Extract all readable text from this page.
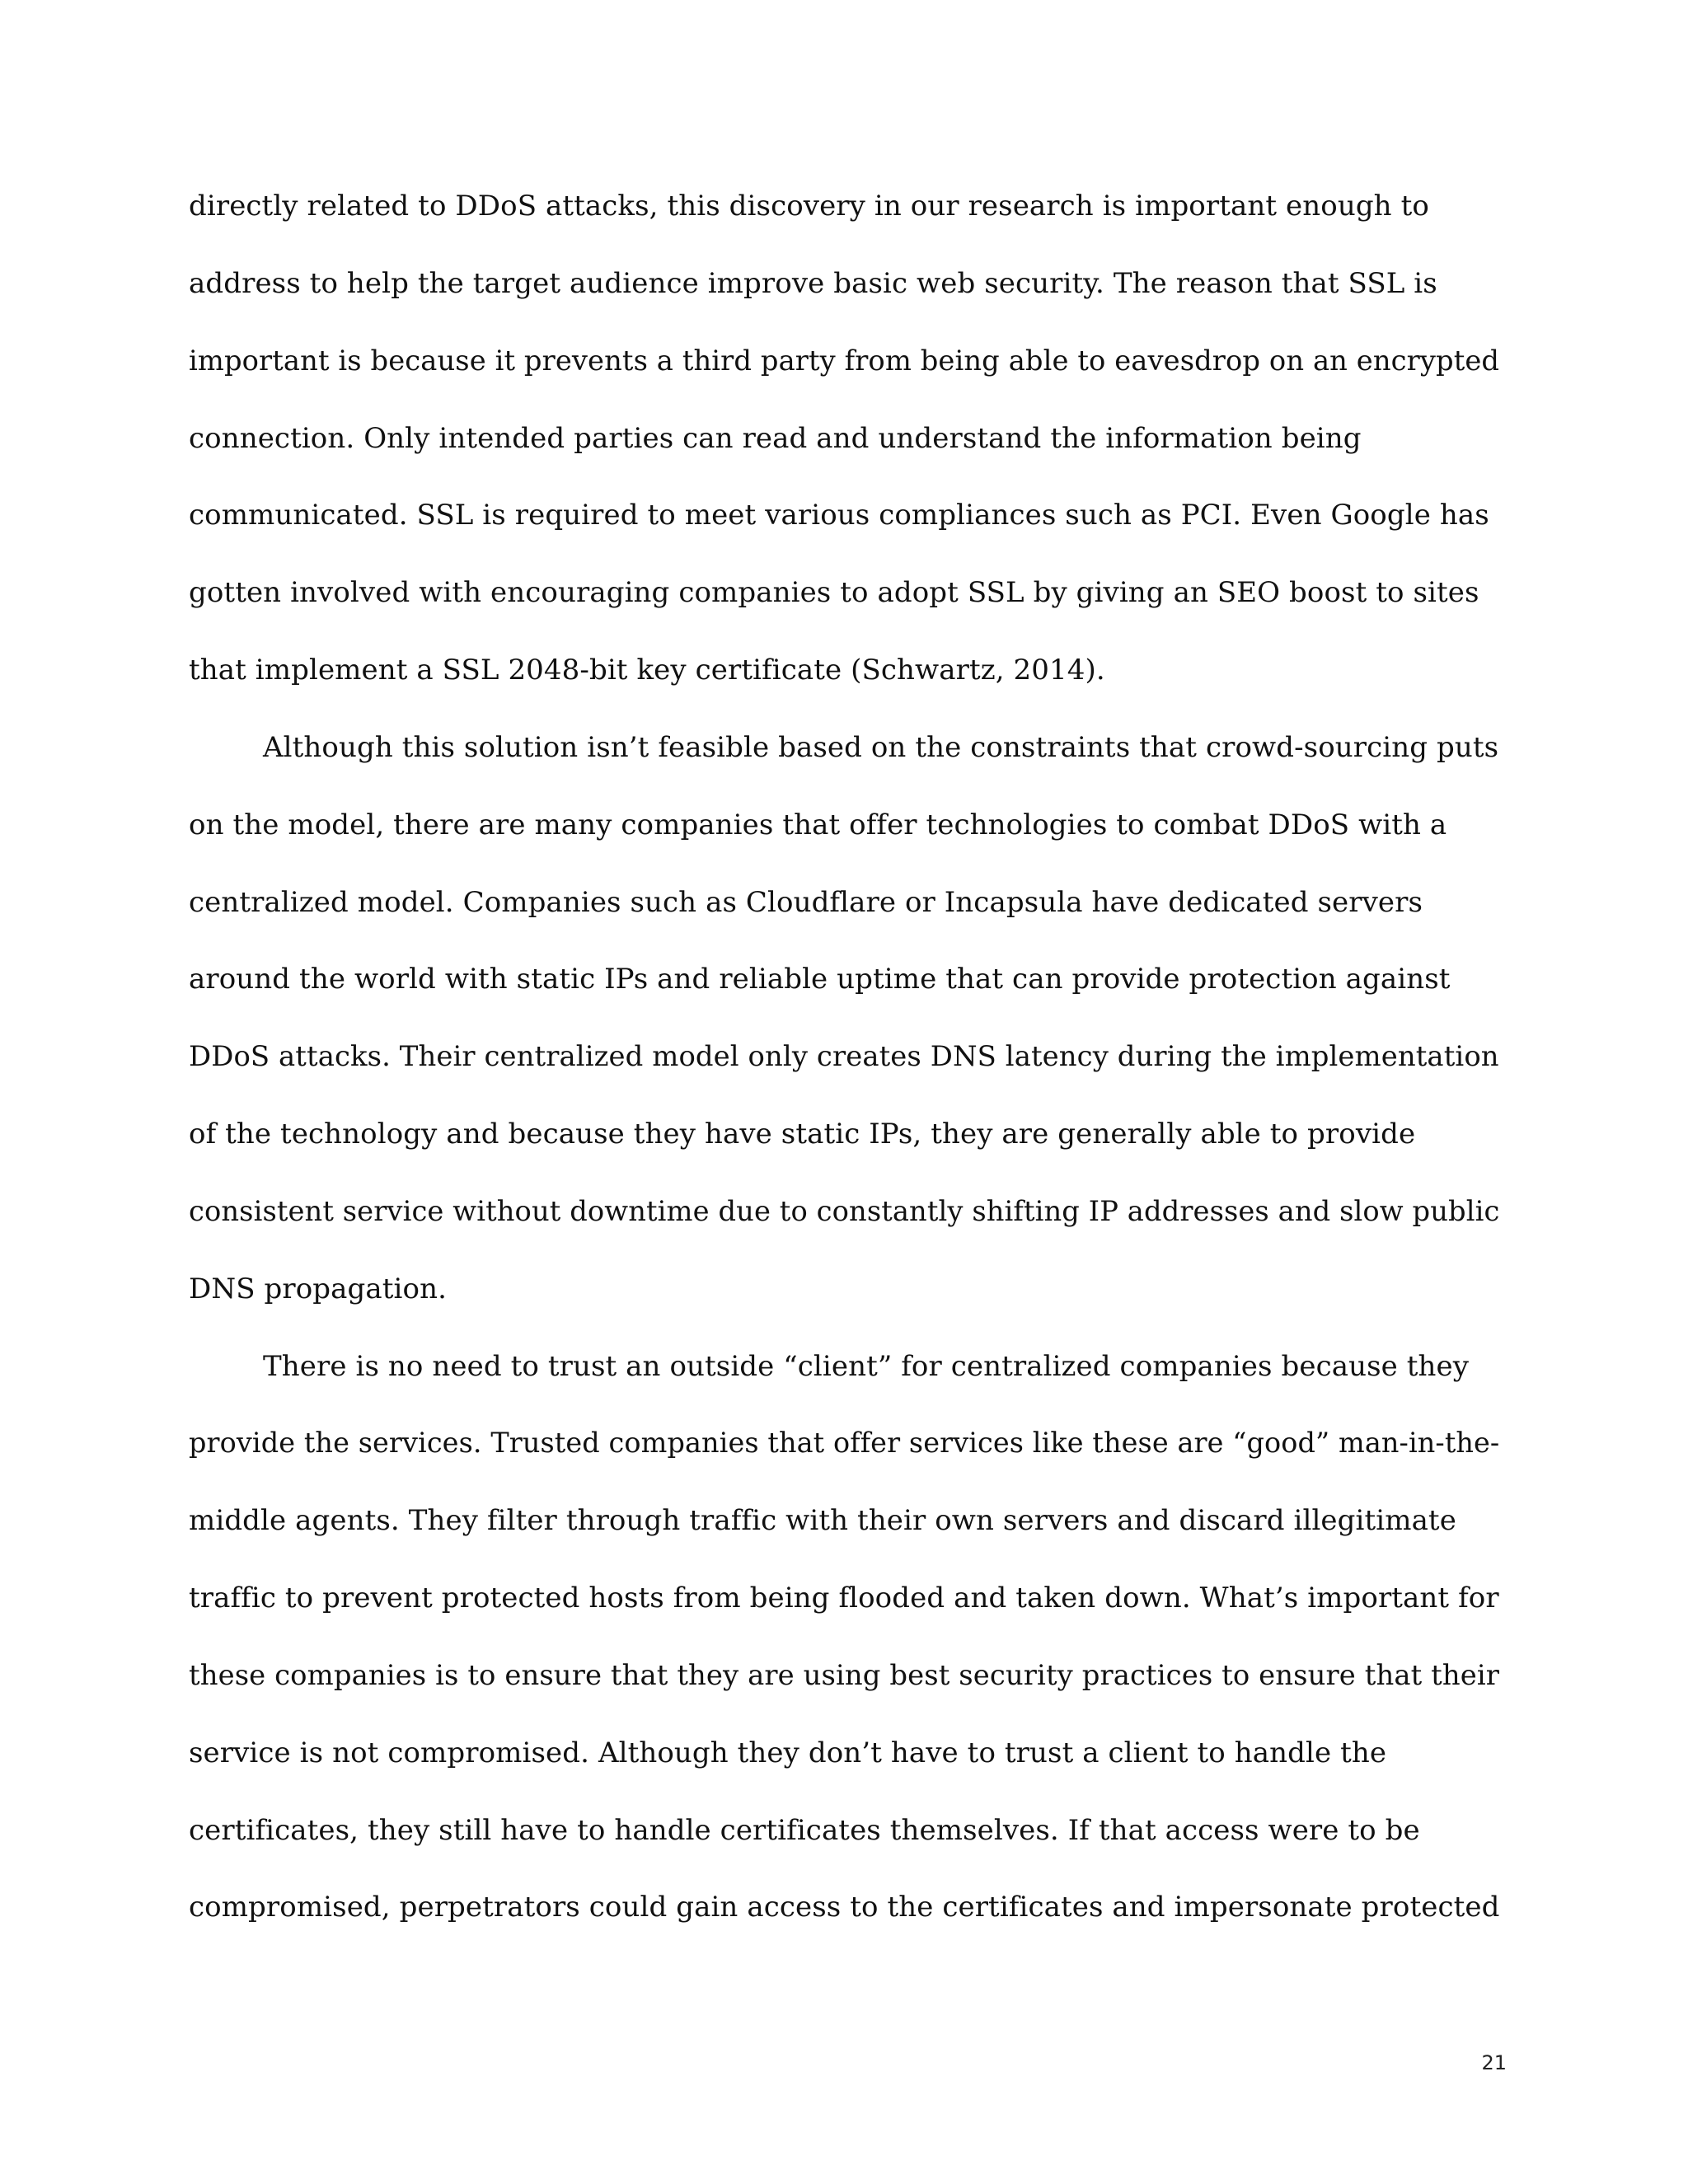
directly related to DDoS attacks, this discovery in our research is important enough to
address to help the target audience improve basic web security. The reason that SSL is
important is because it prevents a third party from being able to eavesdrop on an encrypted
connection. Only intended parties can read and understand the information being
communicated. SSL is required to meet various compliances such as PCI. Even Google has
gotten involved with encouraging companies to adopt SSL by giving an SEO boost to sites
that implement a SSL 2048-bit key certificate (Schwartz, 2014).
Although this solution isn’t feasible based on the constraints that crowd-sourcing puts
on the model, there are many companies that offer technologies to combat DDoS with a
centralized model. Companies such as Cloudflare or Incapsula have dedicated servers
around the world with static IPs and reliable uptime that can provide protection against
DDoS attacks. Their centralized model only creates DNS latency during the implementation
of the technology and because they have static IPs, they are generally able to provide
consistent service without downtime due to constantly shifting IP addresses and slow public
DNS propagation.
There is no need to trust an outside “client” for centralized companies because they
provide the services. Trusted companies that offer services like these are “good” man-in-the-
middle agents. They filter through traffic with their own servers and discard illegitimate
traffic to prevent protected hosts from being flooded and taken down. What’s important for
these companies is to ensure that they are using best security practices to ensure that their
service is not compromised. Although they don’t have to trust a client to handle the
certificates, they still have to handle certificates themselves. If that access were to be
compromised, perpetrators could gain access to the certificates and impersonate protected
21
